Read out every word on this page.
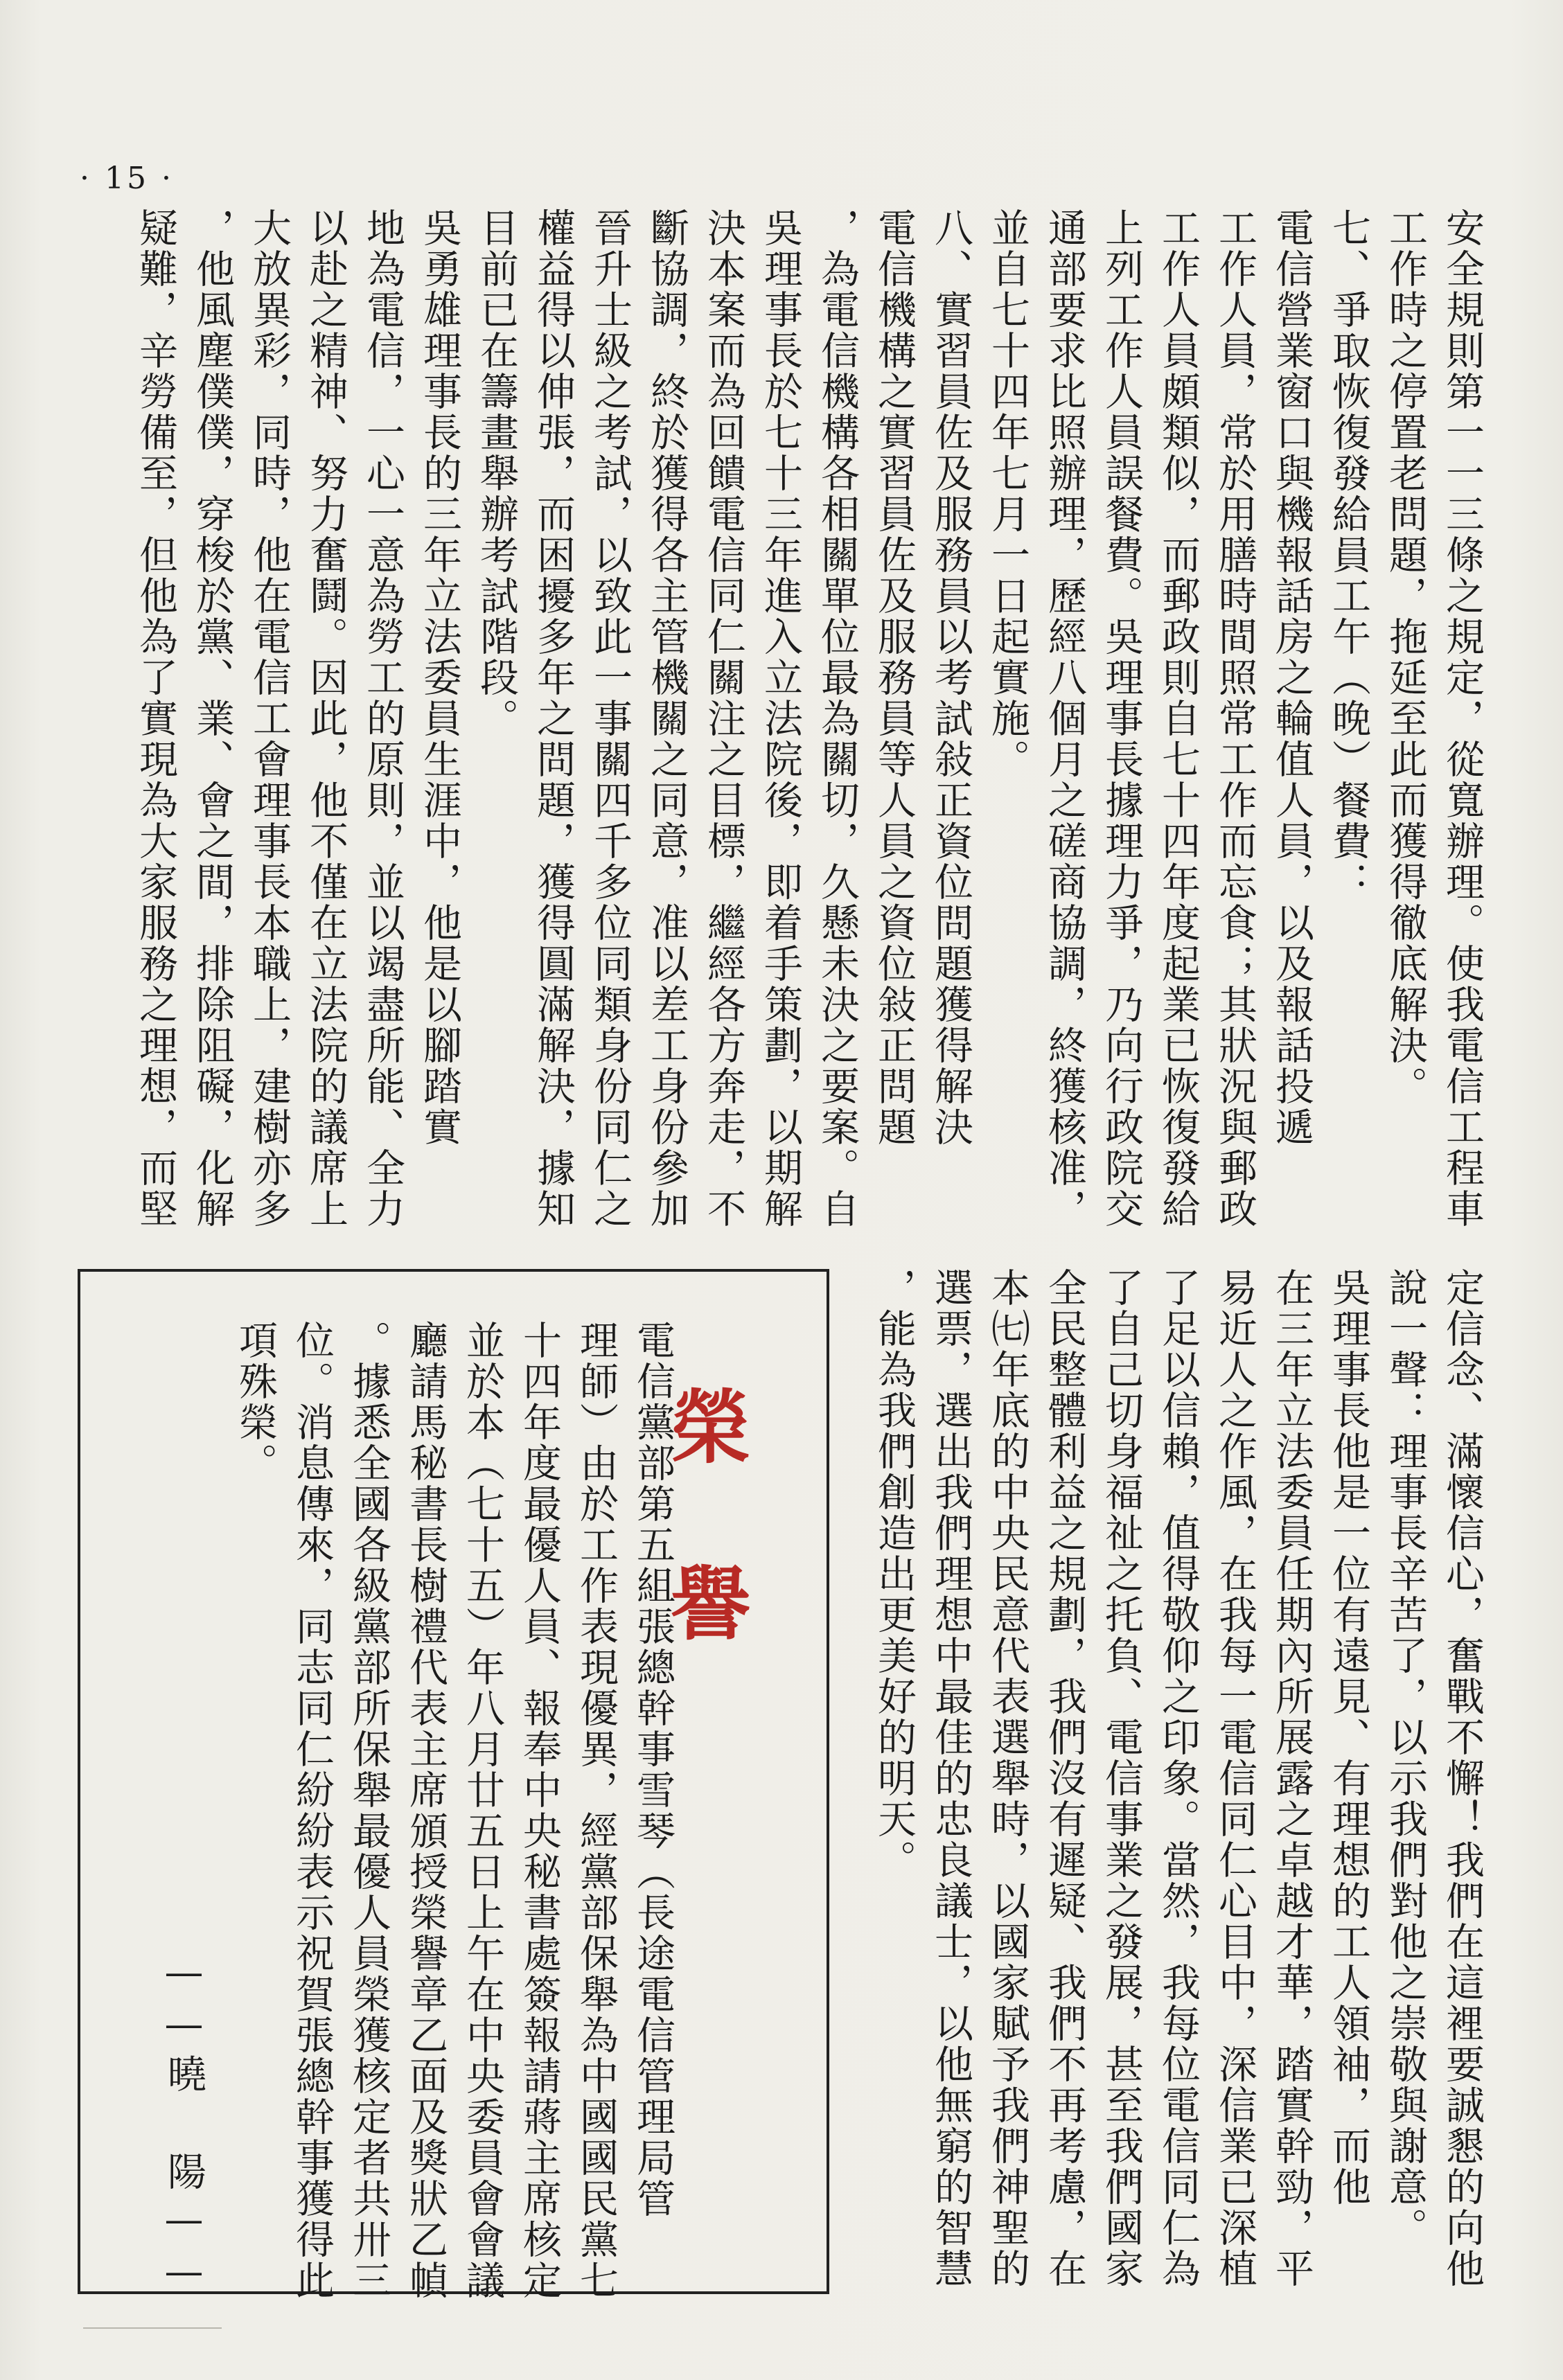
· 15 ·
安全規則第一一三條之規定，從寬辦理。使我電信工程車
工作時之停置老問題，拖延至此而獲得徹底解決。
七、爭取恢復發給員工午（晚）餐費：
電信營業窗口與機報話房之輪值人員，以及報話投遞
工作人員，常於用膳時間照常工作而忘食；其狀況與郵政
工作人員頗類似，而郵政則自七十四年度起業已恢復發給
上列工作人員誤餐費。吳理事長據理力爭，乃向行政院交
通部要求比照辦理，歷經八個月之磋商協調，終獲核准，
並自七十四年七月一日起實施。
八、實習員佐及服務員以考試敍正資位問題獲得解決
電信機構之實習員佐及服務員等人員之資位敍正問題
，為電信機構各相關單位最為關切，久懸未決之要案。自
吳理事長於七十三年進入立法院後，即着手策劃，以期解
決本案而為回饋電信同仁關注之目標，繼經各方奔走，不
斷協調，終於獲得各主管機關之同意，准以差工身份參加
晉升士級之考試，以致此一事關四千多位同類身份同仁之
權益得以伸張，而困擾多年之問題，獲得圓滿解決，據知
目前已在籌畫舉辦考試階段。
吳勇雄理事長的三年立法委員生涯中，他是以腳踏實
地為電信，一心一意為勞工的原則，並以竭盡所能、全力
以赴之精神、努力奮鬪。因此，他不僅在立法院的議席上
大放異彩，同時，他在電信工會理事長本職上，建樹亦多
，他風塵僕僕，穿梭於黨、業、會之間，排除阻礙，化解
疑難，辛勞備至，但他為了實現為大家服務之理想，而堅
定信念、滿懷信心，奮戰不懈！我們在這裡要誠懇的向他
說一聲：理事長辛苦了，以示我們對他之崇敬與謝意。
吳理事長他是一位有遠見、有理想的工人領袖，而他
在三年立法委員任期內所展露之卓越才華，踏實幹勁，平
易近人之作風，在我每一電信同仁心目中，深信業已深植
了足以信賴，值得敬仰之印象。當然，我每位電信同仁為
了自己切身福祉之托負、電信事業之發展，甚至我們國家
全民整體利益之規劃，我們沒有遲疑、我們不再考慮，在
本㈦年底的中央民意代表選舉時，以國家賦予我們神聖的
選票，選出我們理想中最佳的忠良議士，以他無窮的智慧
，能為我們創造出更美好的明天。
電信黨部第五組張總幹事雪琴（長途電信管理局管
理師）由於工作表現優異，經黨部保舉為中國國民黨七
十四年度最優人員、報奉中央秘書處簽報請蔣主席核定
並於本（七十五）年八月廿五日上午在中央委員會會議
廳請馬秘書長樹禮代表主席頒授榮譽章乙面及獎狀乙幀
。據悉全國各級黨部所保舉最優人員榮獲核定者共卅三
位。消息傳來，同志同仁紛紛表示祝賀張總幹事獲得此
項殊榮。	榮譽
——曉 陽——
